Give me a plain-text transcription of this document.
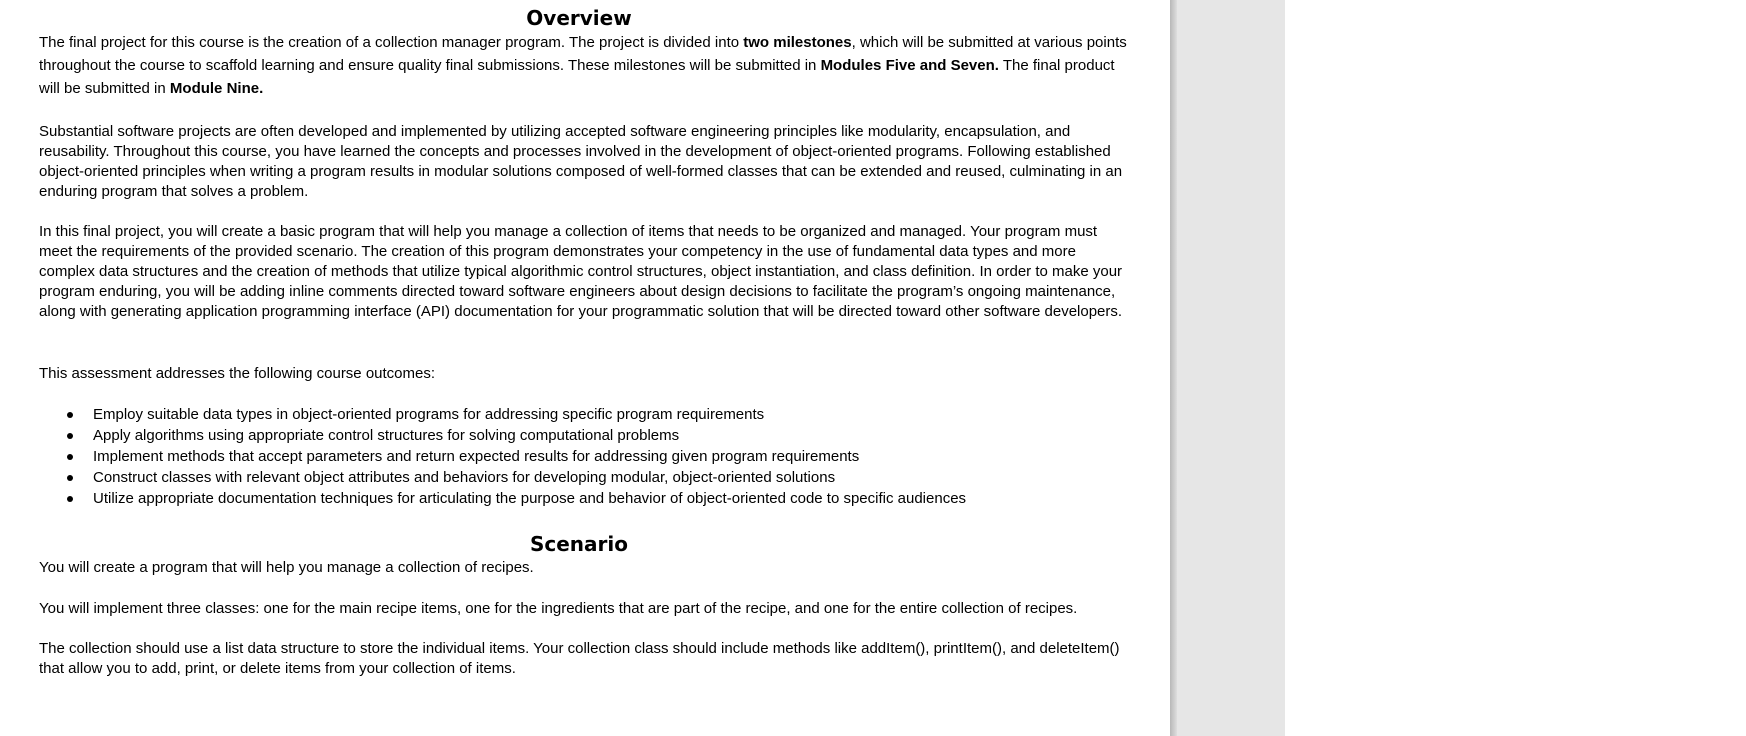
Overview

The final project for this course is the creation of a collection manager program. The project is divided into two milestones, which will be submitted at various points throughout the course to scaffold learning and ensure quality final submissions. These milestones will be submitted in Modules Five and Seven. The final product will be submitted in Module Nine.

Substantial software projects are often developed and implemented by utilizing accepted software engineering principles like modularity, encapsulation, and reusability. Throughout this course, you have learned the concepts and processes involved in the development of object-oriented programs. Following established object-oriented principles when writing a program results in modular solutions composed of well-formed classes that can be extended and reused, culminating in an enduring program that solves a problem.

In this final project, you will create a basic program that will help you manage a collection of items that needs to be organized and managed. Your program must meet the requirements of the provided scenario. The creation of this program demonstrates your competency in the use of fundamental data types and more complex data structures and the creation of methods that utilize typical algorithmic control structures, object instantiation, and class definition. In order to make your program enduring, you will be adding inline comments directed toward software engineers about design decisions to facilitate the program’s ongoing maintenance, along with generating application programming interface (API) documentation for your programmatic solution that will be directed toward other software developers.

This assessment addresses the following course outcomes:

Employ suitable data types in object-oriented programs for addressing specific program requirements
Apply algorithms using appropriate control structures for solving computational problems
Implement methods that accept parameters and return expected results for addressing given program requirements
Construct classes with relevant object attributes and behaviors for developing modular, object-oriented solutions
Utilize appropriate documentation techniques for articulating the purpose and behavior of object-oriented code to specific audiences
Scenario

You will create a program that will help you manage a collection of recipes.

You will implement three classes: one for the main recipe items, one for the ingredients that are part of the recipe, and one for the entire collection of recipes.

The collection should use a list data structure to store the individual items. Your collection class should include methods like addItem(), printItem(), and deleteItem() that allow you to add, print, or delete items from your collection of items.
